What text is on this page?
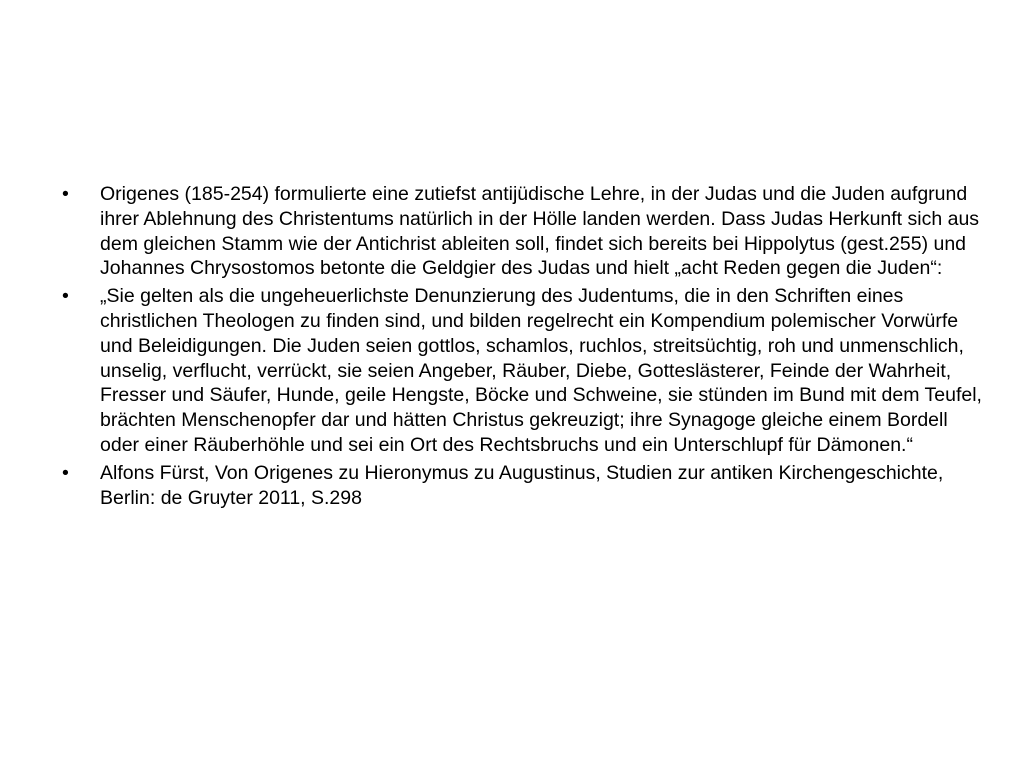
•	Origenes (185-254) formulierte eine zutiefst antijüdische Lehre, in der Judas und die Juden aufgrund ihrer Ablehnung des Christentums natürlich in der Hölle landen werden. Dass Judas Herkunft sich aus dem gleichen Stamm wie der Antichrist ableiten soll, findet sich bereits bei Hippolytus (gest.255) und Johannes Chrysostomos betonte die Geldgier des Judas und hielt „acht Reden gegen die Juden“:
•	„Sie gelten als die ungeheuerlichste Denunzierung des Judentums, die in den Schriften eines christlichen Theologen zu finden sind, und bilden regelrecht ein Kompendium polemischer Vorwürfe und Beleidigungen. Die Juden seien gottlos, schamlos, ruchlos, streitsüchtig, roh und unmenschlich, unselig, verflucht, verrückt, sie seien Angeber, Räuber, Diebe, Gotteslästerer, Feinde der Wahrheit, Fresser und Säufer, Hunde, geile Hengste, Böcke und Schweine, sie stünden im Bund mit dem Teufel, brächten Menschenopfer dar und hätten Christus gekreuzigt; ihre Synagoge gleiche einem Bordell oder einer Räuberhöhle und sei ein Ort des Rechtsbruchs und ein Unterschlupf für Dämonen.“
•	Alfons Fürst, Von Origenes zu Hieronymus zu Augustinus, Studien zur antiken Kirchengeschichte, Berlin: de Gruyter 2011, S.298
